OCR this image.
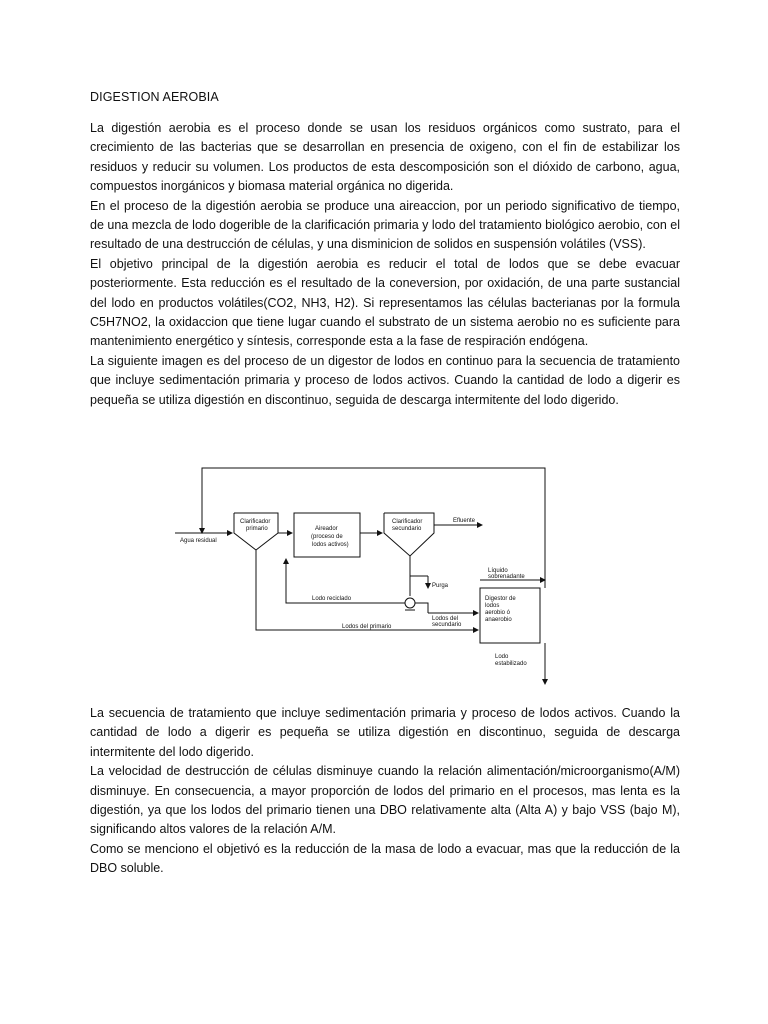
DIGESTION AEROBIA
La digestión aerobia es el proceso donde se usan los residuos orgánicos como sustrato, para el crecimiento de las bacterias que se desarrollan en presencia de oxigeno, con el fin de estabilizar los residuos y reducir su volumen. Los productos de esta descomposición son el dióxido de carbono, agua, compuestos inorgánicos y biomasa material orgánica no digerida.
En el proceso de la digestión aerobia se produce una aireaccion, por un periodo significativo de tiempo, de una mezcla de lodo dogerible de la clarificación primaria y lodo del tratamiento biológico aerobio, con el resultado de una destrucción de células, y una disminicion de solidos en suspensión volátiles (VSS).
El objetivo principal de la digestión aerobia es reducir el total de lodos que se debe evacuar posteriormente. Esta reducción es el resultado de la coneversion, por oxidación, de una parte sustancial del lodo en productos volátiles(CO2, NH3, H2). Si representamos las células bacterianas por la formula C5H7NO2, la oxidaccion que tiene lugar cuando el substrato de un sistema aerobio no es suficiente para mantenimiento energético y síntesis, corresponde esta a la fase de respiración endógena.
La siguiente imagen es del proceso de un digestor de lodos en continuo para la secuencia de tratamiento que incluye sedimentación primaria y proceso de lodos activos. Cuando la cantidad de lodo a digerir es pequeña se utiliza digestión en discontinuo, seguida de descarga intermitente del lodo digerido.
Agua residual
Clarificador
primario	Aireador
(proceso de
lodos activos)
Clarificador
secundario
Efluente
Líquido
sobrenadante
Purga
Lodo reciclado
Lodos del
secundario
Lodos del primario
Digestor de
lodos
aerobio ó
anaerobio
Lodo
estabilizado
La secuencia de tratamiento que incluye sedimentación primaria y proceso de lodos activos. Cuando la cantidad de lodo a digerir es pequeña se utiliza digestión en discontinuo, seguida de descarga intermitente del lodo digerido.
La velocidad de destrucción de células disminuye cuando la relación alimentación/microorganismo(A/M) disminuye. En consecuencia, a mayor proporción de lodos del primario en el procesos, mas lenta es la digestión, ya que los lodos del primario tienen una DBO relativamente alta (Alta A) y bajo VSS (bajo M), significando altos valores de la relación A/M.
Como se menciono el objetivó es la reducción de la masa de lodo a evacuar, mas que la reducción de la DBO soluble.
